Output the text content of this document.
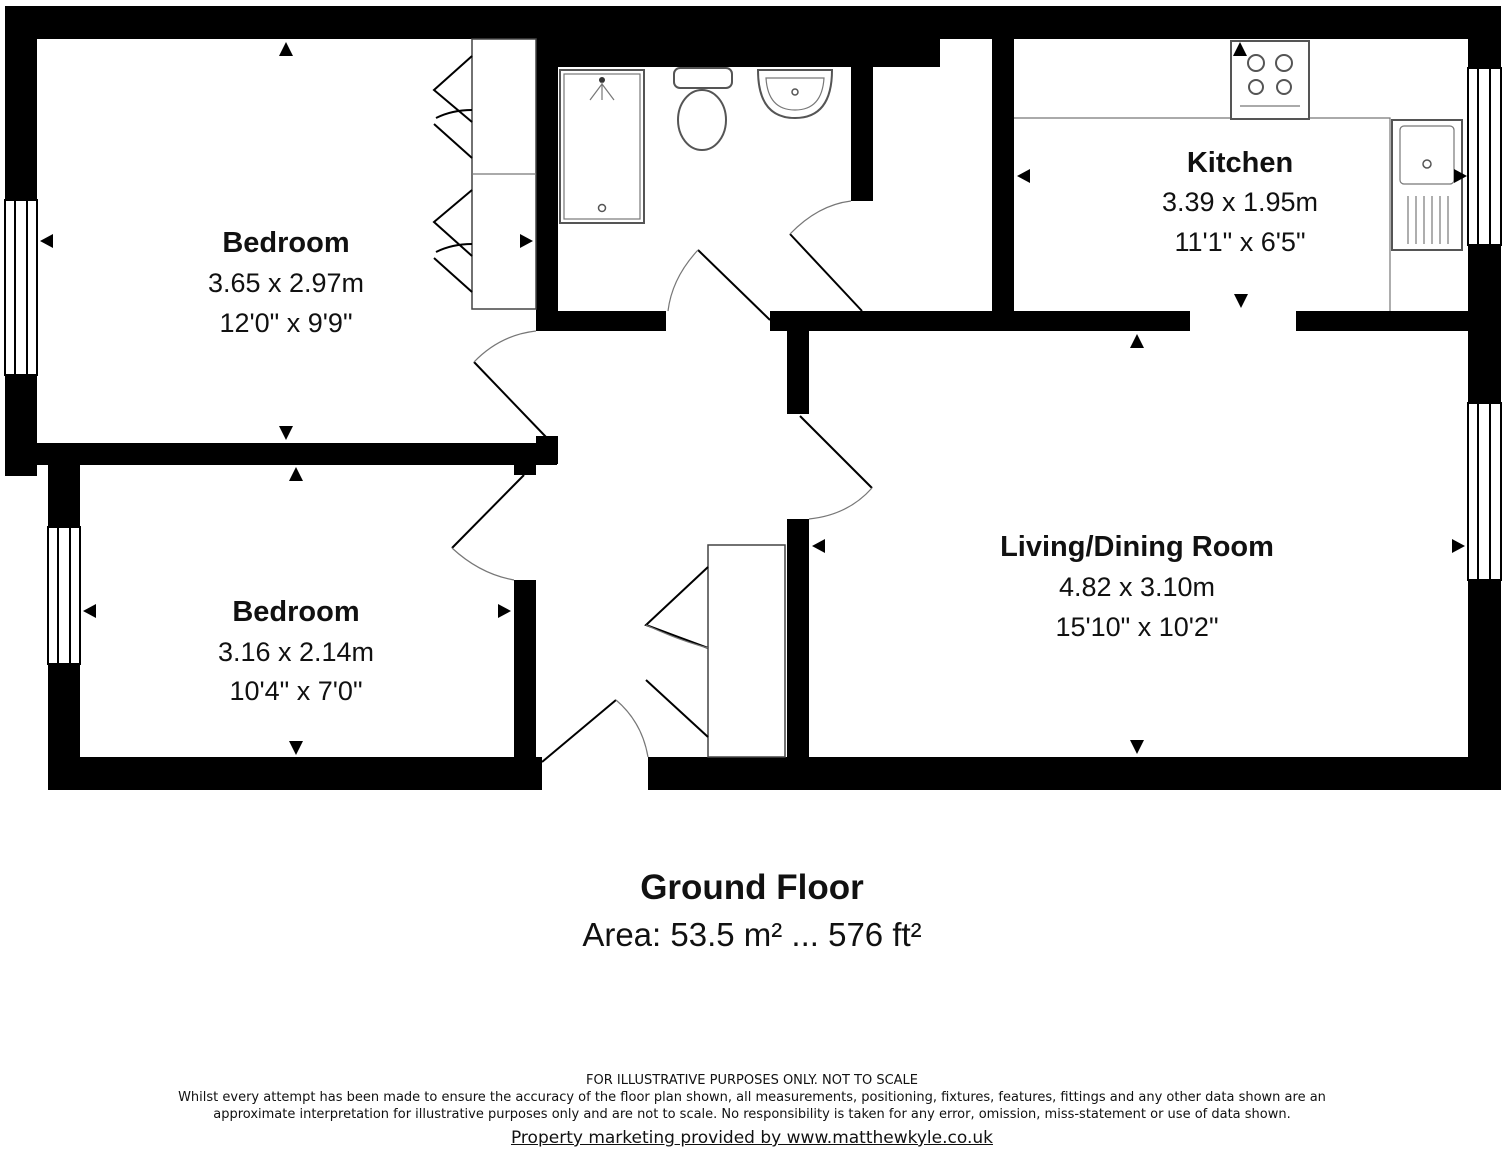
Bedroom
3.65 x 2.97m
12'0" x 9'9"
Bedroom
3.16 x 2.14m
10'4" x 7'0"
Kitchen
3.39 x 1.95m
11'1" x 6'5"
Living/Dining Room
4.82 x 3.10m
15'10" x 10'2"
Ground Floor
Area: 53.5 m² ... 576 ft²
FOR ILLUSTRATIVE PURPOSES ONLY. NOT TO SCALE
Whilst every attempt has been made to ensure the accuracy of the floor plan shown, all measurements, positioning, fixtures, features, fittings and any other data shown are an
approximate interpretation for illustrative purposes only and are not to scale. No responsibility is taken for any error, omission, miss-statement or use of data shown.
Property marketing provided by www.matthewkyle.co.uk
